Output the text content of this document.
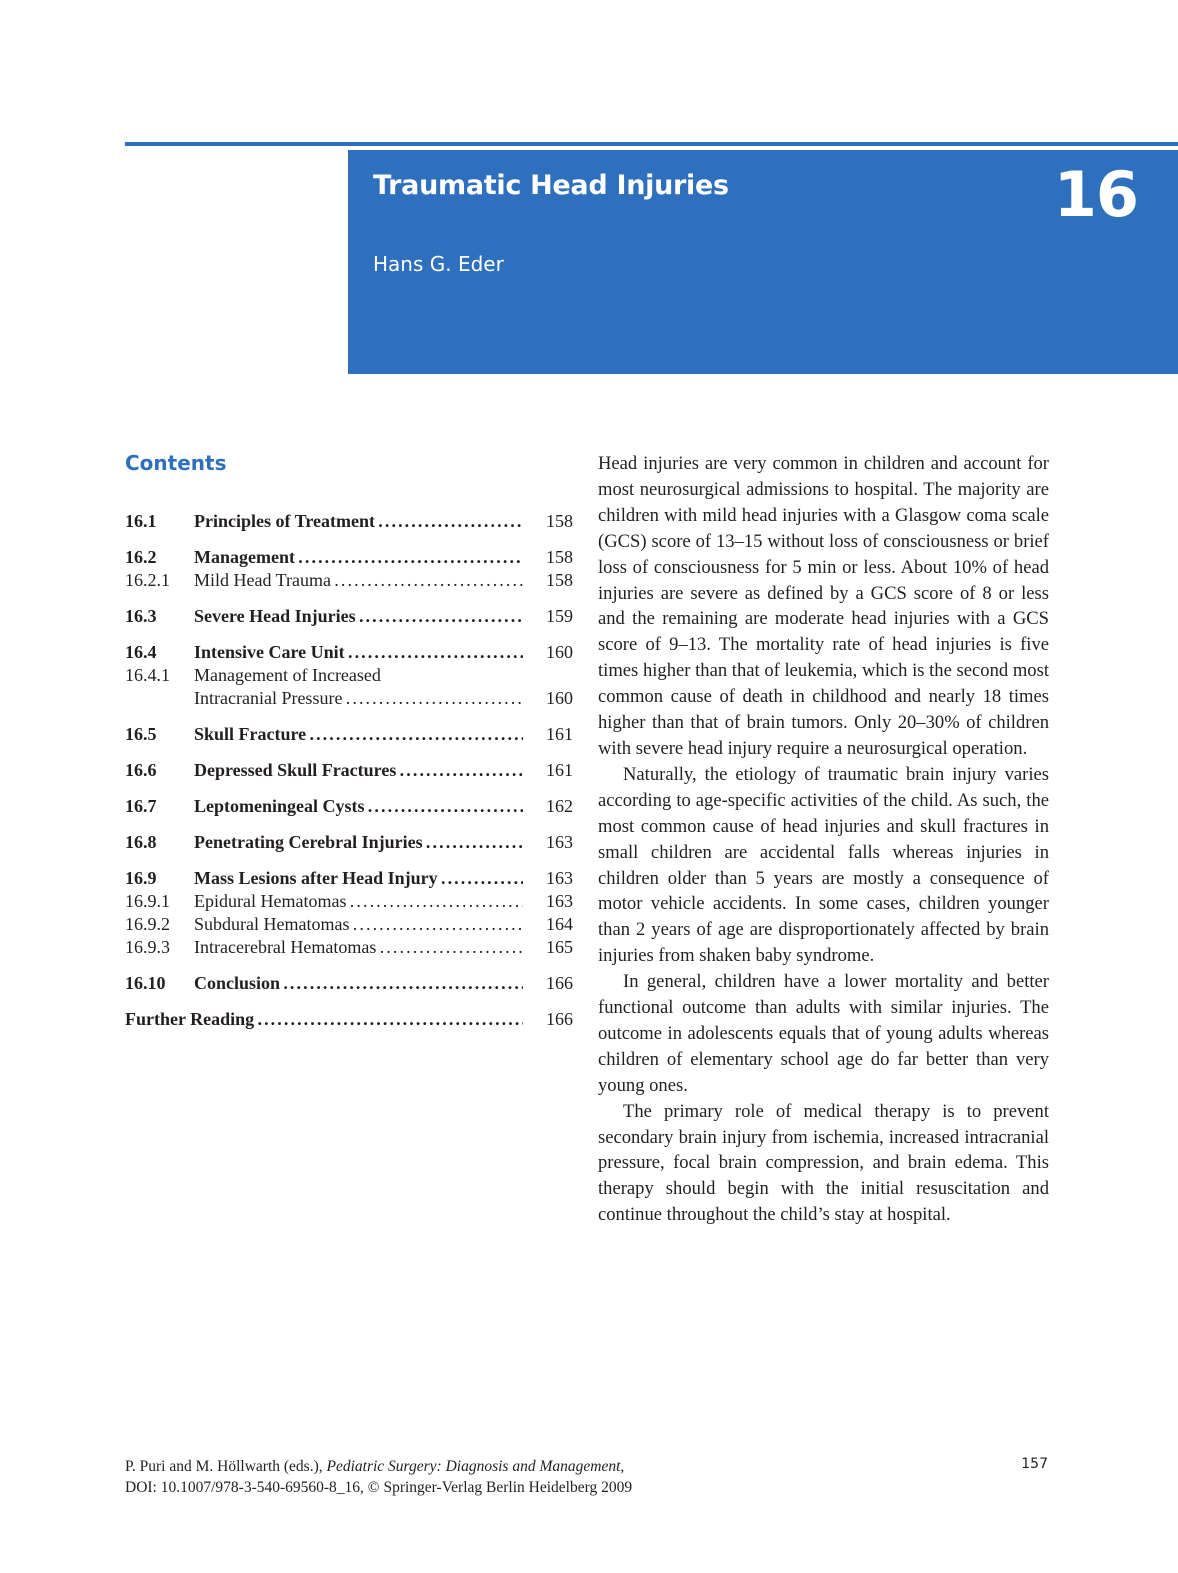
Traumatic Head Injuries	16
Hans G. Eder
Contents
16.1 Principles of Treatment . . .	158
16.2 Management . . .	158
16.2.1 Mild Head Trauma . . .	158
16.3 Severe Head Injuries . . .	159
16.4 Intensive Care Unit . . .	160
16.4.1 Management of Increased
Intracranial Pressure . . .	160
16.5 Skull Fracture . . .	161
16.6 Depressed Skull Fractures . . .	161
16.7 Leptomeningeal Cysts . . .	162
16.8 Penetrating Cerebral Injuries . . .	163
16.9 Mass Lesions after Head Injury . . .	163
16.9.1 Epidural Hematomas . . .	163
16.9.2 Subdural Hematomas . . .	164
16.9.3 Intracerebral Hematomas . . .	165
16.10 Conclusion . . .	166
Further Reading . . .	166

Head injuries are very common in children and account for most neurosurgical admissions to hospital. The majority are children with mild head injuries with a Glasgow coma scale (GCS) score of 13–15 without loss of consciousness or brief loss of consciousness for 5 min or less. About 10% of head injuries are severe as defined by a GCS score of 8 or less and the remaining are moderate head injuries with a GCS score of 9–13. The mortality rate of head injuries is five times higher than that of leukemia, which is the second most common cause of death in childhood and nearly 18 times higher than that of brain tumors. Only 20–30% of children with severe head injury require a neurosurgical operation.

Naturally, the etiology of traumatic brain injury varies according to age-specific activities of the child. As such, the most common cause of head injuries and skull fractures in small children are accidental falls whereas injuries in children older than 5 years are mostly a consequence of motor vehicle accidents. In some cases, children younger than 2 years of age are disproportionately affected by brain injuries from shaken baby syndrome.

In general, children have a lower mortality and better functional outcome than adults with similar injuries. The outcome in adolescents equals that of young adults whereas children of elementary school age do far better than very young ones.

The primary role of medical therapy is to prevent secondary brain injury from ischemia, increased intracranial pressure, focal brain compression, and brain edema. This therapy should begin with the initial resuscitation and continue throughout the child’s stay at hospital.

P. Puri and M. Höllwarth (eds.), Pediatric Surgery: Diagnosis and Management,
DOI: 10.1007/978-3-540-69560-8_16, © Springer-Verlag Berlin Heidelberg 2009
157
